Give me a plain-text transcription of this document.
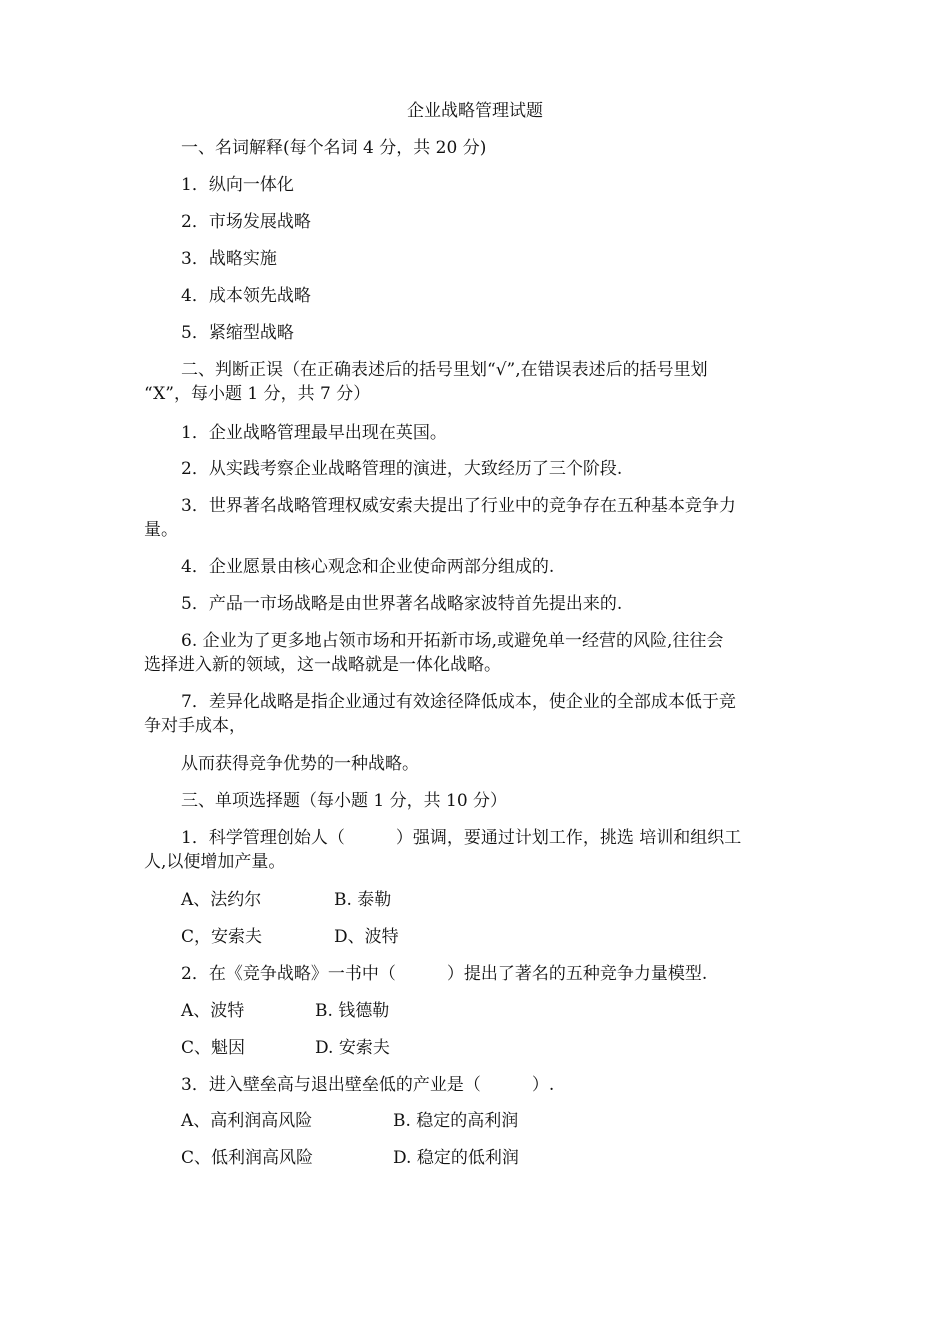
企业战略管理试题
一、名词解释(每个名词 4 分，共 20 分)
1．纵向一体化
2．市场发展战略
3．战略实施
4．成本领先战略
5．紧缩型战略
二、判断正误（在正确表述后的括号里划“√”,在错误表述后的括号里划
“X”，每小题 1 分，共 7 分）
1．企业战略管理最早出现在英国。
2．从实践考察企业战略管理的演进，大致经历了三个阶段.
3．世界著名战略管理权威安索夫提出了行业中的竞争存在五种基本竞争力
量。
4．企业愿景由核心观念和企业使命两部分组成的.
5．产品一市场战略是由世界著名战略家波特首先提出来的.
6. 企业为了更多地占领市场和开拓新市场,或避免单一经营的风险,往往会
选择进入新的领域，这一战略就是一体化战略。
7．差异化战略是指企业通过有效途径降低成本，使企业的全部成本低于竞
争对手成本，
从而获得竞争优势的一种战略。
三、单项选择题（每小题 1 分，共 10 分）
1．科学管理创始人（　　　）强调，要通过计划工作，挑选 培训和组织工
人,以便增加产量。
A、法约尔	B. 泰勒
C，安索夫	D、波特
2．在《竞争战略》一书中（　　　）提出了著名的五种竞争力量模型.
A、波特	B. 钱德勒
C、魁因	D. 安索夫
3．进入壁垒高与退出壁垒低的产业是（　　　）.
A、高利润高风险	B. 稳定的高利润
C、低利润高风险	D. 稳定的低利润
